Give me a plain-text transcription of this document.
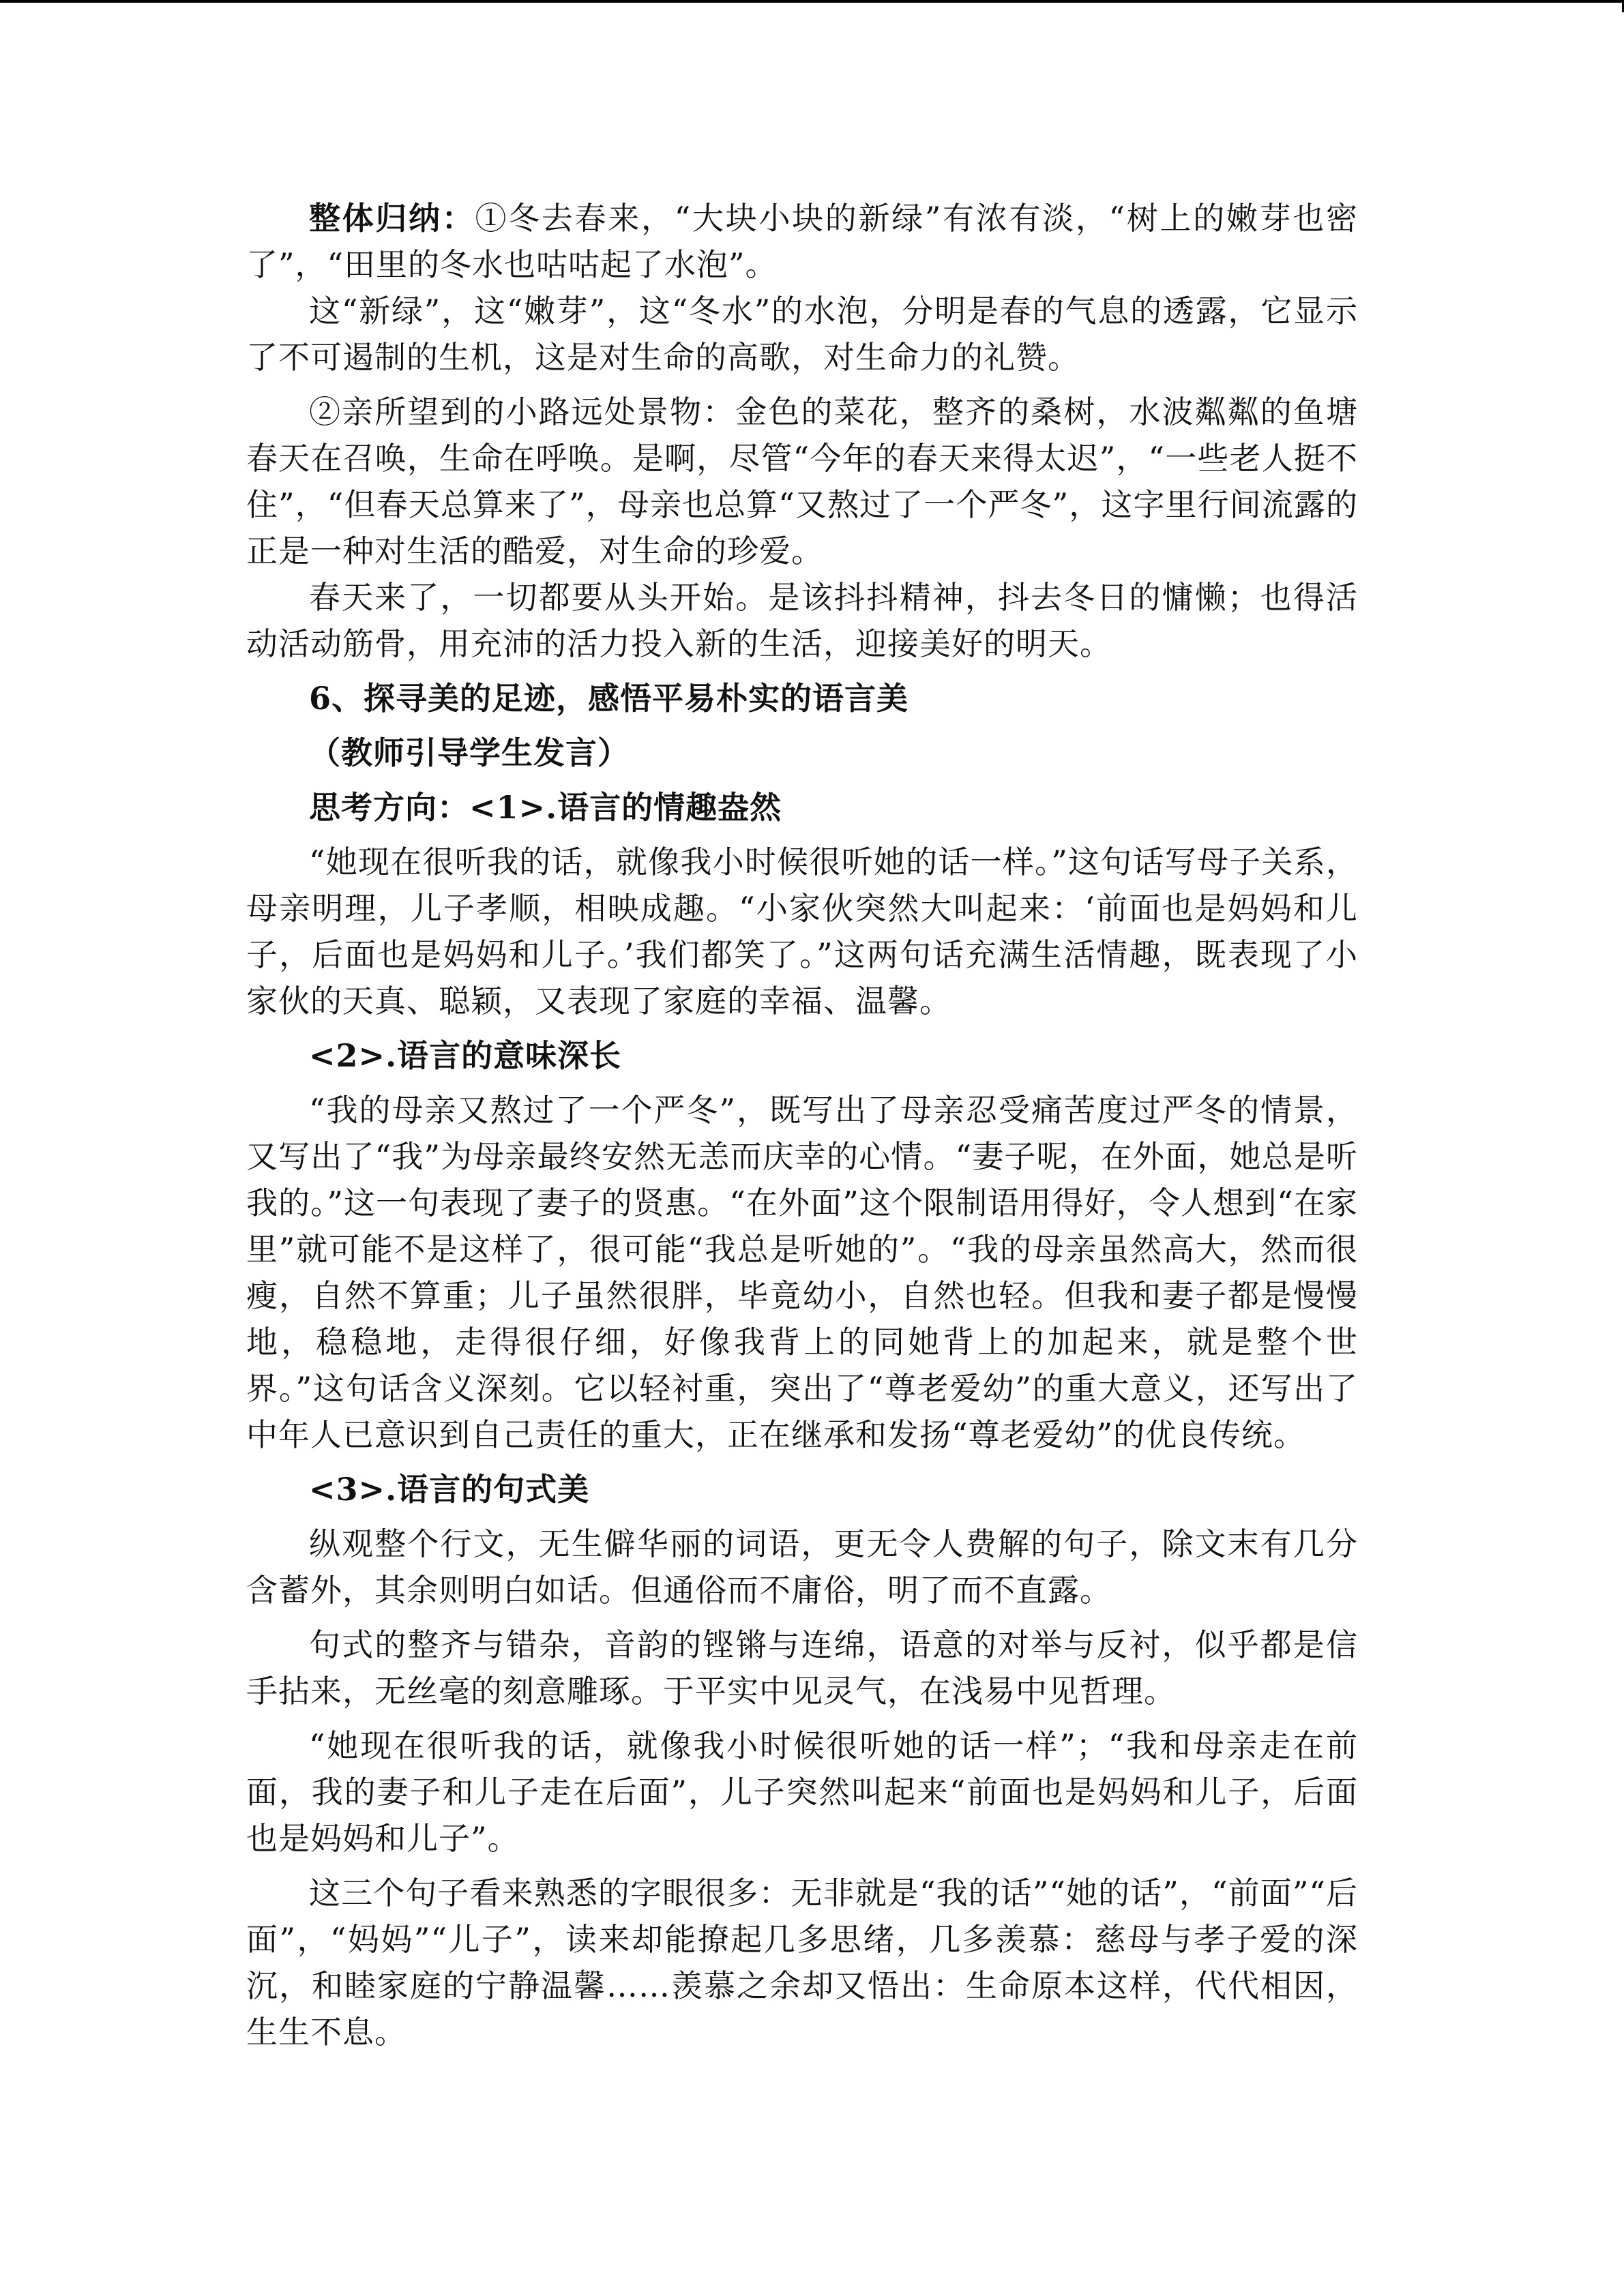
整体归纳：①冬去春来，“大块小块的新绿”有浓有淡，“树上的嫩芽也密了”，“田里的冬水也咕咕起了水泡”。

这“新绿”，这“嫩芽”，这“冬水”的水泡，分明是春的气息的透露，它显示了不可遏制的生机，这是对生命的高歌，对生命力的礼赞。

②亲所望到的小路远处景物：金色的菜花，整齐的桑树，水波粼粼的鱼塘春天在召唤，生命在呼唤。是啊，尽管“今年的春天来得太迟”，“一些老人挺不住”，“但春天总算来了”，母亲也总算“又熬过了一个严冬”，这字里行间流露的正是一种对生活的酷爱，对生命的珍爱。

春天来了，一切都要从头开始。是该抖抖精神，抖去冬日的慵懒；也得活动活动筋骨，用充沛的活力投入新的生活，迎接美好的明天。

6、探寻美的足迹，感悟平易朴实的语言美

（教师引导学生发言）

思考方向：<1>.语言的情趣盎然

“她现在很听我的话，就像我小时候很听她的话一样。”这句话写母子关系，母亲明理，儿子孝顺，相映成趣。“小家伙突然大叫起来：‘前面也是妈妈和儿子，后面也是妈妈和儿子。’我们都笑了。”这两句话充满生活情趣，既表现了小家伙的天真、聪颖，又表现了家庭的幸福、温馨。

<2>.语言的意味深长

“我的母亲又熬过了一个严冬”，既写出了母亲忍受痛苦度过严冬的情景，又写出了“我”为母亲最终安然无恙而庆幸的心情。“妻子呢，在外面，她总是听我的。”这一句表现了妻子的贤惠。“在外面”这个限制语用得好，令人想到“在家里”就可能不是这样了，很可能“我总是听她的”。“我的母亲虽然高大，然而很瘦，自然不算重；儿子虽然很胖，毕竟幼小，自然也轻。但我和妻子都是慢慢地，稳稳地，走得很仔细，好像我背上的同她背上的加起来，就是整个世界。”这句话含义深刻。它以轻衬重，突出了“尊老爱幼”的重大意义，还写出了中年人已意识到自己责任的重大，正在继承和发扬“尊老爱幼”的优良传统。

<3>.语言的句式美

纵观整个行文，无生僻华丽的词语，更无令人费解的句子，除文末有几分含蓄外，其余则明白如话。但通俗而不庸俗，明了而不直露。

句式的整齐与错杂，音韵的铿锵与连绵，语意的对举与反衬，似乎都是信手拈来，无丝毫的刻意雕琢。于平实中见灵气，在浅易中见哲理。

“她现在很听我的话，就像我小时候很听她的话一样”；“我和母亲走在前面，我的妻子和儿子走在后面”，儿子突然叫起来“前面也是妈妈和儿子，后面也是妈妈和儿子”。

这三个句子看来熟悉的字眼很多：无非就是“我的话”“她的话”，“前面”“后面”，“妈妈”“儿子”，读来却能撩起几多思绪，几多羡慕：慈母与孝子爱的深沉，和睦家庭的宁静温馨……羡慕之余却又悟出：生命原本这样，代代相因，生生不息。
